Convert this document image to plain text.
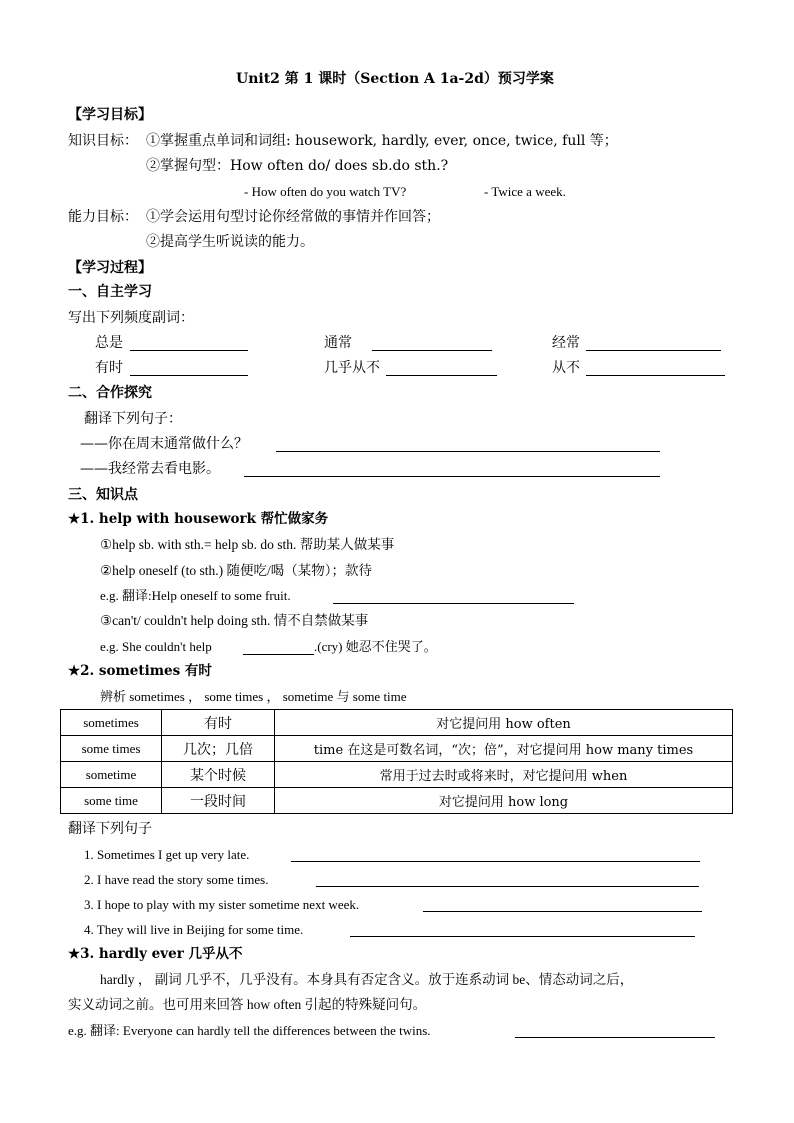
Unit2 第 1 课时（Section A 1a-2d）预习学案
【学习目标】
知识目标： ①掌握重点单词和词组: housework, hardly, ever, once, twice, full 等；
②掌握句型：How often do/ does sb.do sth.?
- How often do you watch TV?	- Twice a week.
能力目标： ①学会运用句型讨论你经常做的事情并作回答；
②提高学生听说读的能力。
【学习过程】
一、自主学习
写出下列频度副词：
总是	通常	经常
有时	几乎从不	从不
二、合作探究
翻译下列句子：
——你在周末通常做什么？
——我经常去看电影。
三、知识点
★1. help with housework 帮忙做家务
①help sb. with sth.= help sb. do sth. 帮助某人做某事
②help oneself (to sth.) 随便吃/喝（某物）；款待
e.g. 翻译:Help oneself to some fruit.
③can't/ couldn't help doing sth. 情不自禁做某事
e.g. She couldn't help	.(cry) 她忍不住哭了。
★2. sometimes 有时
辨析 sometimes ， some times ， sometime 与 some time
sometimes	有时	对它提问用 how often
some times	几次；几倍	time 在这是可数名词，“次；倍”，对它提问用 how many times
sometime	某个时候	常用于过去时或将来时，对它提问用 when
some time	一段时间	对它提问用 how long
翻译下列句子
1. Sometimes I get up very late.
2. I have read the story some times.
3. I hope to play with my sister sometime next week.
4. They will live in Beijing for some time.
★3. hardly ever 几乎从不
hardly ， 副词 几乎不，几乎没有。本身具有否定含义。放于连系动词 be、情态动词之后，
实义动词之前。也可用来回答 how often 引起的特殊疑问句。
e.g. 翻译: Everyone can hardly tell the differences between the twins.
